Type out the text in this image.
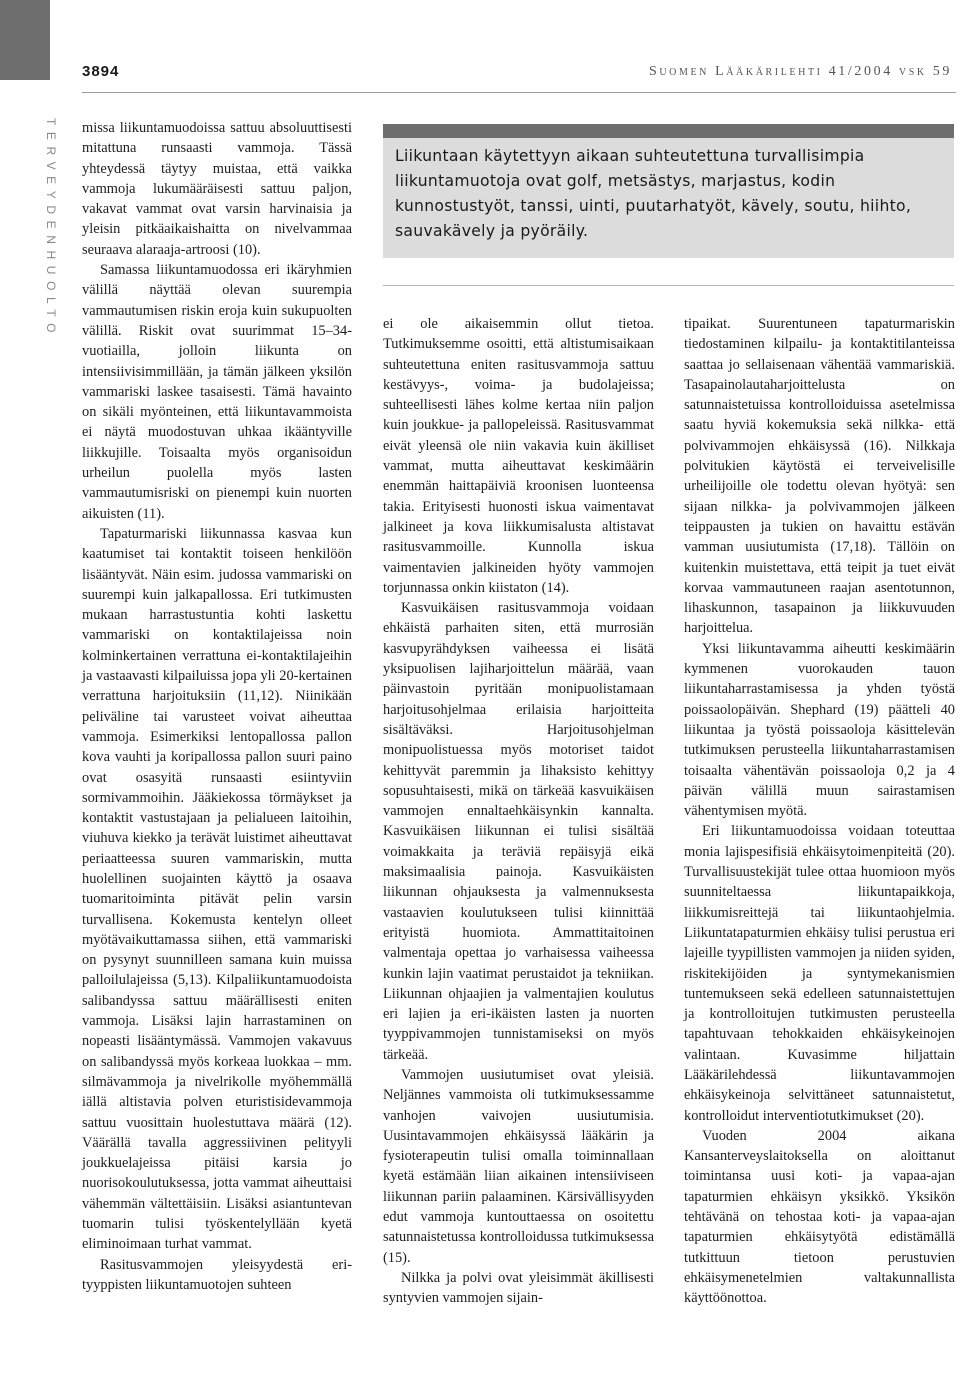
3894	Suomen Lääkärilehti 41/2004 vsk 59
TERVEYDENHUOLTO missa liikuntamuodoissa sattuu absoluuttisesti mitattuna runsaasti vammoja. Tässä yhteydessä täytyy muistaa, että vaikka vammoja lukumääräisesti sattuu paljon, vakavat vammat ovat varsin harvinaisia ja yleisin pitkäaikaishaitta on nivelvammaa seuraava alaraaja-artroosi (10).

Samassa liikuntamuodossa eri ikäryhmien välillä näyttää olevan suurempia vammautumisen riskin eroja kuin sukupuolten välillä. Riskit ovat suurimmat 15–34-vuotiailla, jolloin liikunta on intensiivisimmillään, ja tämän jälkeen yksilön vammariski laskee tasaisesti. Tämä havainto on sikäli myönteinen, että liikuntavammoista ei näytä muodostuvan uhkaa ikääntyville liikkujille. Toisaalta myös organisoidun urheilun puolella myös lasten vammautumisriski on pienempi kuin nuorten aikuisten (11).

Tapaturmariski liikunnassa kasvaa kun kaatumiset tai kontaktit toiseen henkilöön lisääntyvät. Näin esim. judossa vammariski on suurempi kuin jalkapallossa. Eri tutkimusten mukaan harrastustuntia kohti laskettu vammariski on kontaktilajeissa noin kolminkertainen verrattuna ei-kontaktilajeihin ja vastaavasti kilpailuissa jopa yli 20-kertainen verrattuna harjoituksiin (11,12). Niinikään peliväline tai varusteet voivat aiheuttaa vammoja. Esimerkiksi lentopallossa pallon kova vauhti ja koripallossa pallon suuri paino ovat osasyitä runsaasti esiintyviin sormivammoihin. Jääkiekossa törmäykset ja kontaktit vastustajaan ja pelialueen laitoihin, viuhuva kiekko ja terävät luistimet aiheuttavat periaatteessa suuren vammariskin, mutta huolellinen suojainten käyttö ja osaava tuomaritoiminta pitävät pelin varsin turvallisena. Kokemusta kentelyn olleet myötävaikuttamassa siihen, että vammariski on pysynyt suunnilleen samana kuin muissa palloilulajeissa (5,13). Kilpaliikuntamuodoista salibandyssa sattuu määrällisesti eniten vammoja. Lisäksi lajin harrastaminen on nopeasti lisääntymässä. Vammojen vakavuus on salibandyssä myös korkeaa luokkaa – mm. silmävammoja ja nivelrikolle myöhemmällä iällä altistavia polven eturistisidevammoja sattuu vuosittain huolestuttava määrä (12). Väärällä tavalla aggressiivinen pelityyli joukkuelajeissa pitäisi karsia jo nuorisokoulutuksessa, jotta vammat aiheuttaisi vähemmän vältettäisiin. Lisäksi asiantuntevan tuomarin tulisi työskentelyllään kyetä eliminoimaan turhat vammat.

Rasitusvammojen yleisyydestä eri-tyyppisten liikuntamuotojen suhteen

Liikuntaan käytettyyn aikaan suhteutettuna turvallisimpia liikuntamuotoja ovat golf, metsästys, marjastus, kodin kunnostustyöt, tanssi, uinti, puutarhatyöt, kävely, soutu, hiihto, sauvakävely ja pyöräily.

ei ole aikaisemmin ollut tietoa. Tutkimuksemme osoitti, että altistumisaikaan suhteutettuna eniten rasitusvammoja sattuu kestävyys-, voima- ja budolajeissa; suhteellisesti lähes kolme kertaa niin paljon kuin joukkue- ja pallopeleissä. Rasitusvammat eivät yleensä ole niin vakavia kuin äkilliset vammat, mutta aiheuttavat keskimäärin enemmän haittapäiviä kroonisen luonteensa takia. Erityisesti huonosti iskua vaimentavat jalkineet ja kova liikkumisalusta altistavat rasitusvammoille. Kunnolla iskua vaimentavien jalkineiden hyöty vammojen torjunnassa onkin kiistaton (14).

Kasvuikäisen rasitusvammoja voidaan ehkäistä parhaiten siten, että murrosiän kasvupyrähdyksen vaiheessa ei lisätä yksipuolisen lajiharjoittelun määrää, vaan päinvastoin pyritään monipuolistamaan harjoitusohjelmaa erilaisia harjoitteita sisältäväksi. Harjoitusohjelman monipuolistuessa myös motoriset taidot kehittyvät paremmin ja lihaksisto kehittyy sopusuhtaisesti, mikä on tärkeää kasvuikäisen vammojen ennaltaehkäisynkin kannalta. Kasvuikäisen liikunnan ei tulisi sisältää voimakkaita ja teräviä repäisyjä eikä maksimaalisia painoja. Kasvuikäisten liikunnan ohjauksesta ja valmennuksesta vastaavien koulutukseen tulisi kiinnittää erityistä huomiota. Ammattitaitoinen valmentaja opettaa jo varhaisessa vaiheessa kunkin lajin vaatimat perustaidot ja tekniikan. Liikunnan ohjaajien ja valmentajien koulutus eri lajien ja eri-ikäisten lasten ja nuorten tyyppivammojen tunnistamiseksi on myös tärkeää.

Vammojen uusiutumiset ovat yleisiä. Neljännes vammoista oli tutkimuksessamme vanhojen vaivojen uusiutumisia. Uusintavammojen ehkäisyssä lääkärin ja fysioterapeutin tulisi omalla toiminnallaan kyetä estämään liian aikainen intensiiviseen liikunnan pariin palaaminen. Kärsivällisyyden edut vammoja kuntouttaessa on osoitettu satunnaistetussa kontrolloidussa tutkimuksessa (15).

Nilkka ja polvi ovat yleisimmät äkillisesti syntyvien vammojen sijain-

tipaikat. Suurentuneen tapaturmariskin tiedostaminen kilpailu- ja kontaktitilanteissa saattaa jo sellaisenaan vähentää vammariskiä. Tasapainolautaharjoittelusta on satunnaistetuissa kontrolloiduissa asetelmissa saatu hyviä kokemuksia sekä nilkka- että polvivammojen ehkäisyssä (16). Nilkkaja polvitukien käytöstä ei terveivelisille urheilijoille ole todettu olevan hyötyä: sen sijaan nilkka- ja polvivammojen jälkeen teippausten ja tukien on havaittu estävän vamman uusiutumista (17,18). Tällöin on kuitenkin muistettava, että teipit ja tuet eivät korvaa vammautuneen raajan asentotunnon, lihaskunnon, tasapainon ja liikkuvuuden harjoittelua.

Yksi liikuntavamma aiheutti keskimäärin kymmenen vuorokauden tauon liikuntaharrastamisessa ja yhden työstä poissaolopäivän. Shephard (19) päätteli 40 liikuntaa ja työstä poissaoloja käsittelevän tutkimuksen perusteella liikuntaharrastamisen toisaalta vähentävän poissaoloja 0,2 ja 4 päivän välillä muun sairastamisen vähentymisen myötä.

Eri liikuntamuodoissa voidaan toteuttaa monia lajispesifisiä ehkäisytoimenpiteitä (20). Turvallisuustekijät tulee ottaa huomioon myös suunniteltaessa liikuntapaikkoja, liikkumisreittejä tai liikuntaohjelmia. Liikuntatapaturmien ehkäisy tulisi perustua eri lajeille tyypillisten vammojen ja niiden syiden, riskitekijöiden ja syntymekanismien tuntemukseen sekä edelleen satunnaistettujen ja kontrolloitujen tutkimusten perusteella tapahtuvaan tehokkaiden ehkäisykeinojen valintaan. Kuvasimme hiljattain Lääkärilehdessä liikuntavammojen ehkäisykeinoja selvittäneet satunnaistetut, kontrolloidut interventiotutkimukset (20).

Vuoden 2004 aikana Kansanterveyslaitoksella on aloittanut toimintansa uusi koti- ja vapaa-ajan tapaturmien ehkäisyn yksikkö. Yksikön tehtävänä on tehostaa koti- ja vapaa-ajan tapaturmien ehkäisytyötä edistämällä tutkittuun tietoon perustuvien ehkäisymenetelmien valtakunnallista käyttöönottoa.
